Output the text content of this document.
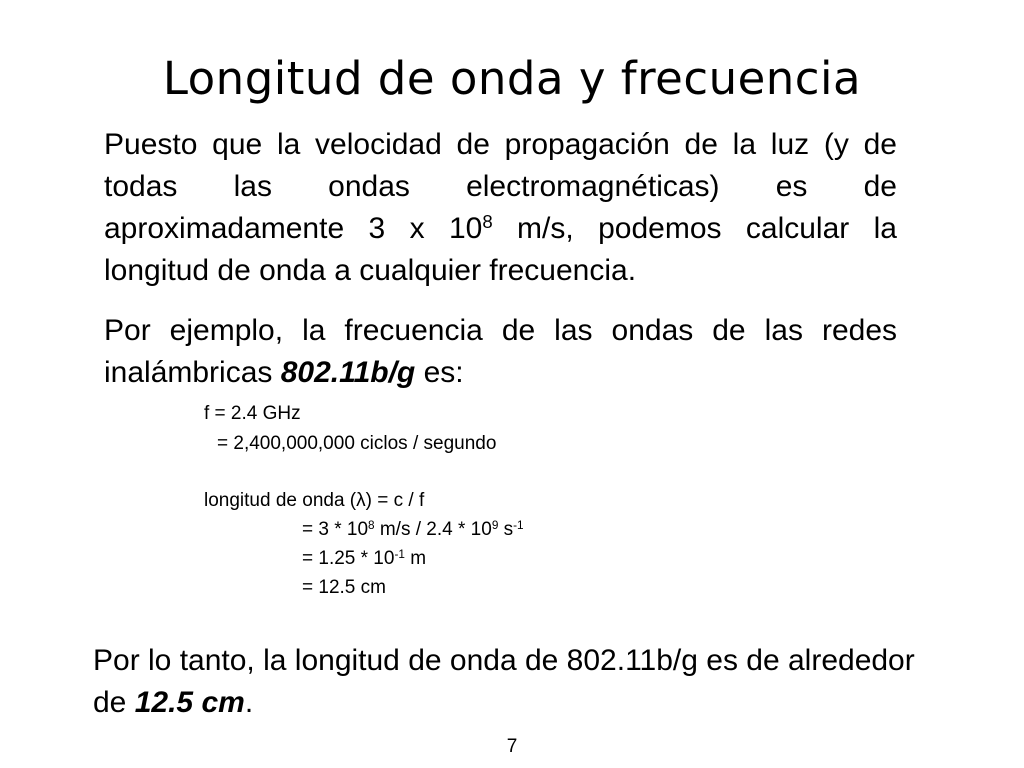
Longitud de onda y frecuencia

Puesto que la velocidad de propagación de la luz (y de todas las ondas electromagnéticas) es de aproximadamente 3 x $10^8$ m/s, podemos calcular la longitud de onda a cualquier frecuencia.

Por ejemplo, la frecuencia de las ondas de las redes inalámbricas 802.11b/g es:

f = 2.4 GHz
= 2,400,000,000 ciclos / segundo
longitud de onda (λ) = c / f
= $3 * 10^8$ $m/s / 2.4 * 10^9$ $s^{-1}$
= $1.25 * 10^{-1}$ m
= 12.5 cm

Por lo tanto, la longitud de onda de 802.11b/g es de alrededor de 12.5 cm.

7
